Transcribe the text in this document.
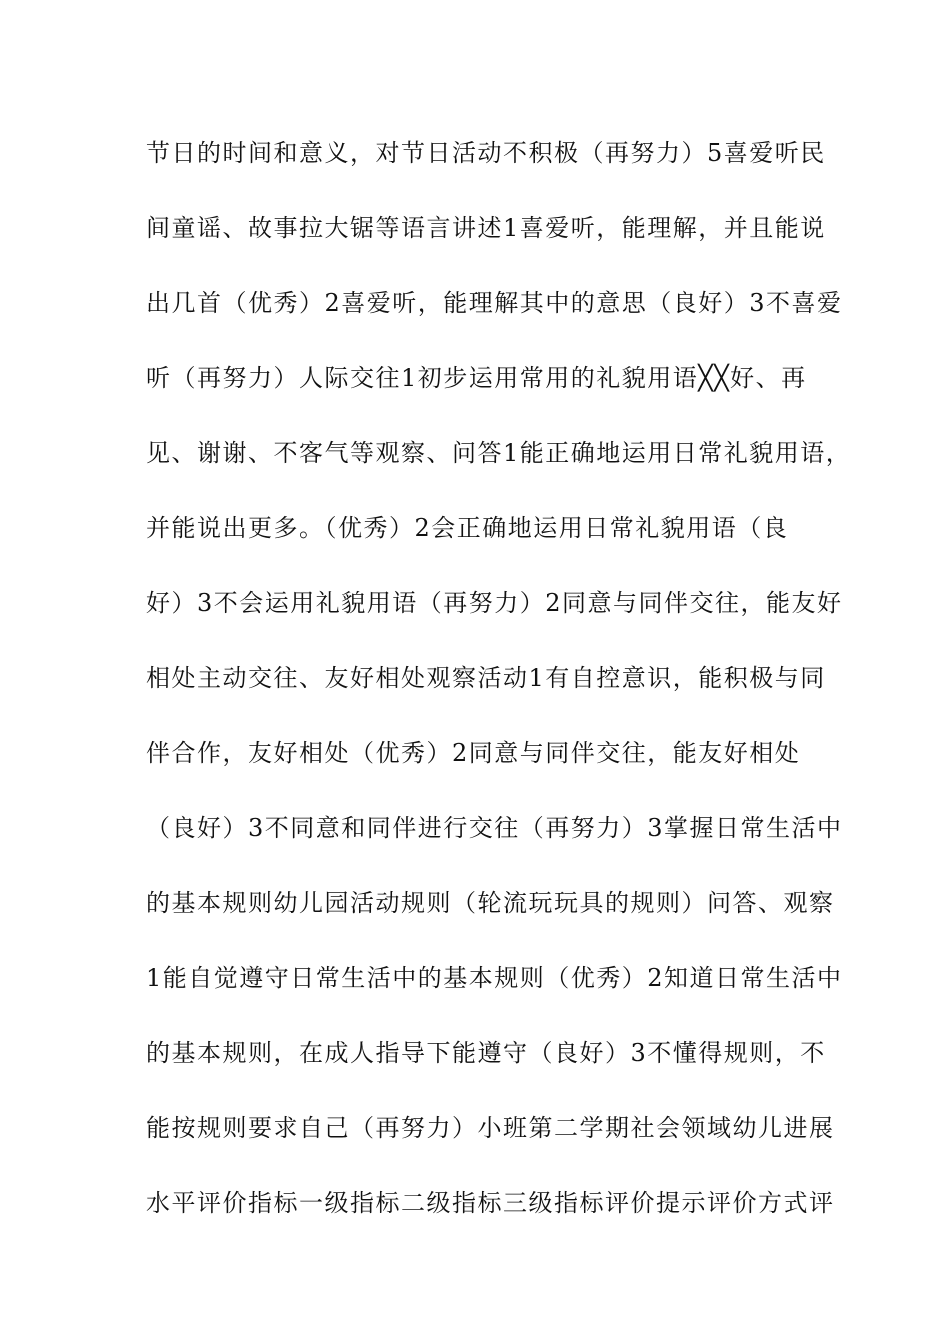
节日的时间和意义，对节日活动不积极（再努力）5喜爱听民
间童谣、故事拉大锯等语言讲述1喜爱听，能理解，并且能说
出几首（优秀）2喜爱听，能理解其中的意思（良好）3不喜爱
听（再努力）人际交往1初步运用常用的礼貌用语╳╳好、再
见、谢谢、不客气等观察、问答1能正确地运用日常礼貌用语，
并能说出更多。（优秀）2会正确地运用日常礼貌用语（良
好）3不会运用礼貌用语（再努力）2同意与同伴交往，能友好
相处主动交往、友好相处观察活动1有自控意识，能积极与同
伴合作，友好相处（优秀）2同意与同伴交往，能友好相处
（良好）3不同意和同伴进行交往（再努力）3掌握日常生活中
的基本规则幼儿园活动规则（轮流玩玩具的规则）问答、观察
1能自觉遵守日常生活中的基本规则（优秀）2知道日常生活中
的基本规则，在成人指导下能遵守（良好）3不懂得规则，不
能按规则要求自己（再努力）小班第二学期社会领域幼儿进展
水平评价指标一级指标二级指标三级指标评价提示评价方式评
